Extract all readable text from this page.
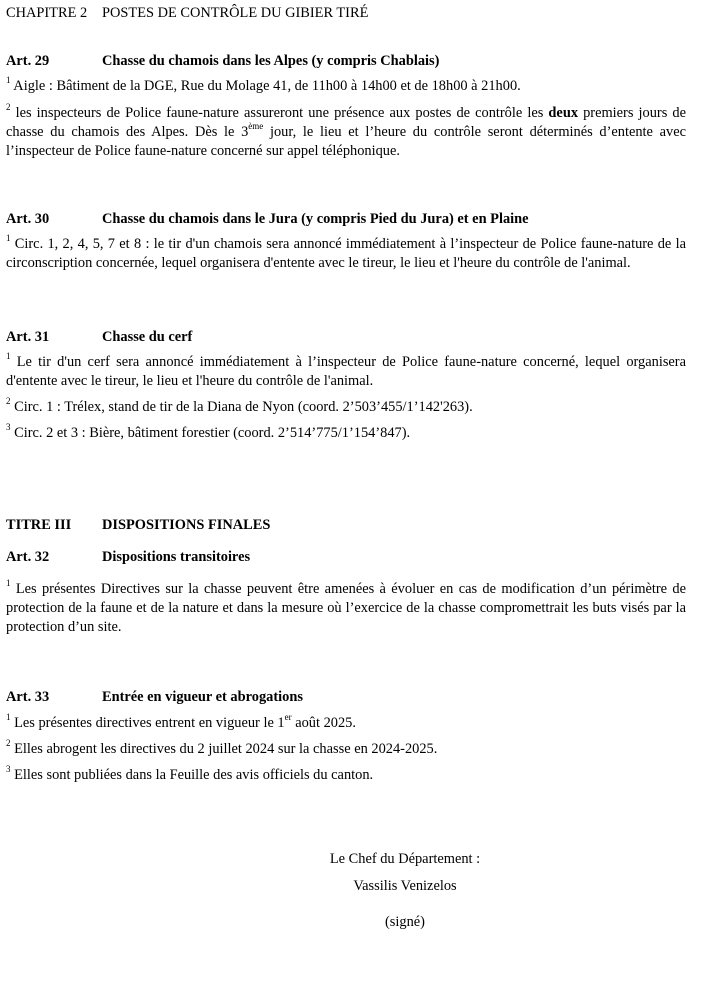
CHAPITRE 2	POSTES DE CONTRÔLE DU GIBIER TIRÉ
Art. 29	Chasse du chamois dans les Alpes (y compris Chablais)

$^1$ Aigle : Bâtiment de la DGE, Rue du Molage 41, de 11h00 à 14h00 et de 18h00 à 21h00.

$^2$ les inspecteurs de Police faune-nature assureront une présence aux postes de contrôle les deux premiers jours de chasse du chamois des Alpes. Dès le 3ème jour, le lieu et l’heure du contrôle seront déterminés d’entente avec l’inspecteur de Police faune-nature concerné sur appel téléphonique.

Art. 30	Chasse du chamois dans le Jura (y compris Pied du Jura) et en Plaine

$^1$ Circ. 1, 2, 4, 5, 7 et 8 : le tir d'un chamois sera annoncé immédiatement à l’inspecteur de Police faune-nature de la circonscription concernée, lequel organisera d'entente avec le tireur, le lieu et l'heure du contrôle de l'animal.

Art. 31	Chasse du cerf

$^1$ Le tir d'un cerf sera annoncé immédiatement à l’inspecteur de Police faune-nature concerné, lequel organisera d'entente avec le tireur, le lieu et l'heure du contrôle de l'animal.

$^2$ Circ. 1 : Trélex, stand de tir de la Diana de Nyon (coord. 2’503’455/1’142'263).

$^3$ Circ. 2 et 3 : Bière, bâtiment forestier (coord. 2’514’775/1’154’847).

TITRE III	DISPOSITIONS FINALES
Art. 32	Dispositions transitoires

$^1$ Les présentes Directives sur la chasse peuvent être amenées à évoluer en cas de modification d’un périmètre de protection de la faune et de la nature et dans la mesure où l’exercice de la chasse compromettrait les buts visés par la protection d’un site.

Art. 33	Entrée en vigueur et abrogations

$^1$ Les présentes directives entrent en vigueur le 1er août 2025.

$^2$ Elles abrogent les directives du 2 juillet 2024 sur la chasse en 2024-2025.

$^3$ Elles sont publiées dans la Feuille des avis officiels du canton.

Le Chef du Département :
Vassilis Venizelos
(signé)
